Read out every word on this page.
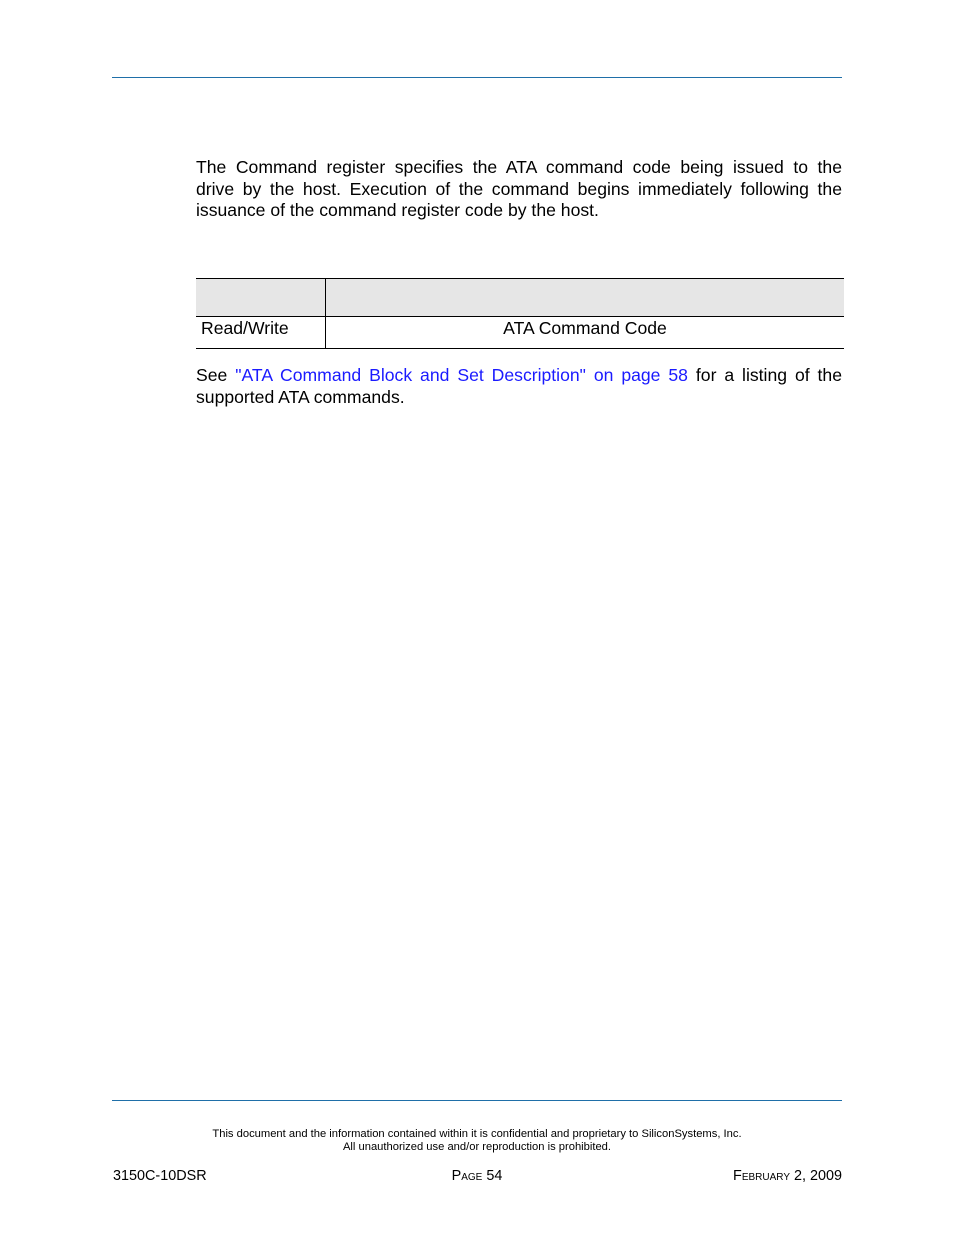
The Command register specifies the ATA command code being issued to the
drive by the host. Execution of the command begins immediately following the
issuance of the command register code by the host.

Read/Write	ATA Command Code
See "ATA Command Block and Set Description" on page 58 for a listing of the
supported ATA commands.
This document and the information contained within it is confidential and proprietary to SiliconSystems, Inc.
All unauthorized use and/or reproduction is prohibited.
3150C-10DSR	Page 54	February 2, 2009
